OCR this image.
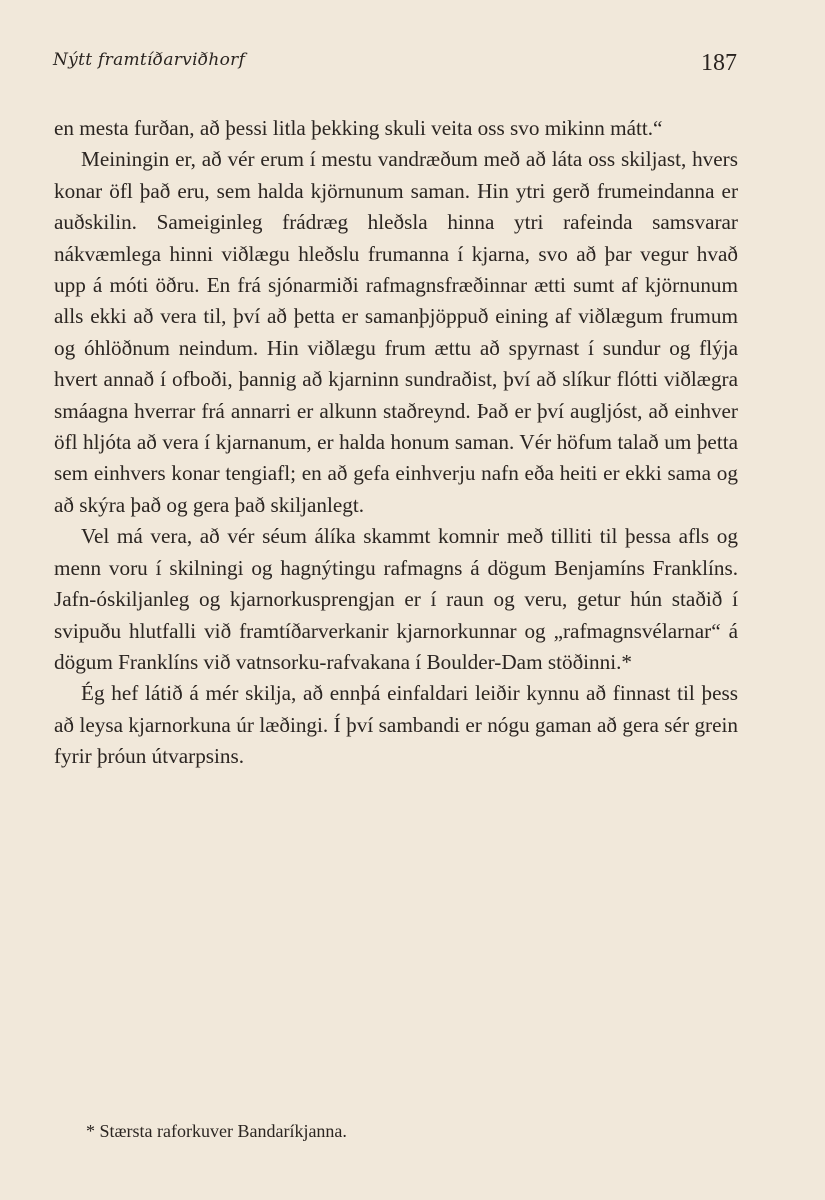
Nýtt framtíðarviðhorf	187

en mesta furðan, að þessi litla þekking skuli veita oss svo mikinn mátt.“

Meiningin er, að vér erum í mestu vandræðum með að láta oss skiljast, hvers konar öfl það eru, sem halda kjörnunum saman. Hin ytri gerð frumeindanna er auðskilin. Sameiginleg frádræg hleðsla hinna ytri rafeinda samsvarar nákvæmlega hinni viðlægu hleðslu frumanna í kjarna, svo að þar vegur hvað upp á móti öðru. En frá sjónarmiði rafmagnsfræðinnar ætti sumt af kjörnunum alls ekki að vera til, því að þetta er samanþjöppuð eining af viðlægum frumum og óhlöðnum neindum. Hin viðlægu frum ættu að spyrnast í sundur og flýja hvert annað í ofboði, þannig að kjarninn sundraðist, því að slíkur flótti viðlægra smáagna hverrar frá annarri er alkunn staðreynd. Það er því augljóst, að einhver öfl hljóta að vera í kjarnanum, er halda honum saman. Vér höfum talað um þetta sem einhvers konar tengiafl; en að gefa einhverju nafn eða heiti er ekki sama og að skýra það og gera það skiljanlegt.

Vel má vera, að vér séum álíka skammt komnir með tilliti til þessa afls og menn voru í skilningi og hagnýtingu rafmagns á dögum Benjamíns Franklíns. Jafn-óskiljanleg og kjarnorkusprengjan er í raun og veru, getur hún staðið í svipuðu hlutfalli við framtíðarverkanir kjarnorkunnar og „rafmagnsvélarnar“ á dögum Franklíns við vatnsorku-rafvakana í Boulder-Dam stöðinni.*

Ég hef látið á mér skilja, að ennþá einfaldari leiðir kynnu að finnast til þess að leysa kjarnorkuna úr læðingi. Í því sambandi er nógu gaman að gera sér grein fyrir þróun útvarpsins.

* Stærsta raforkuver Bandaríkjanna.
